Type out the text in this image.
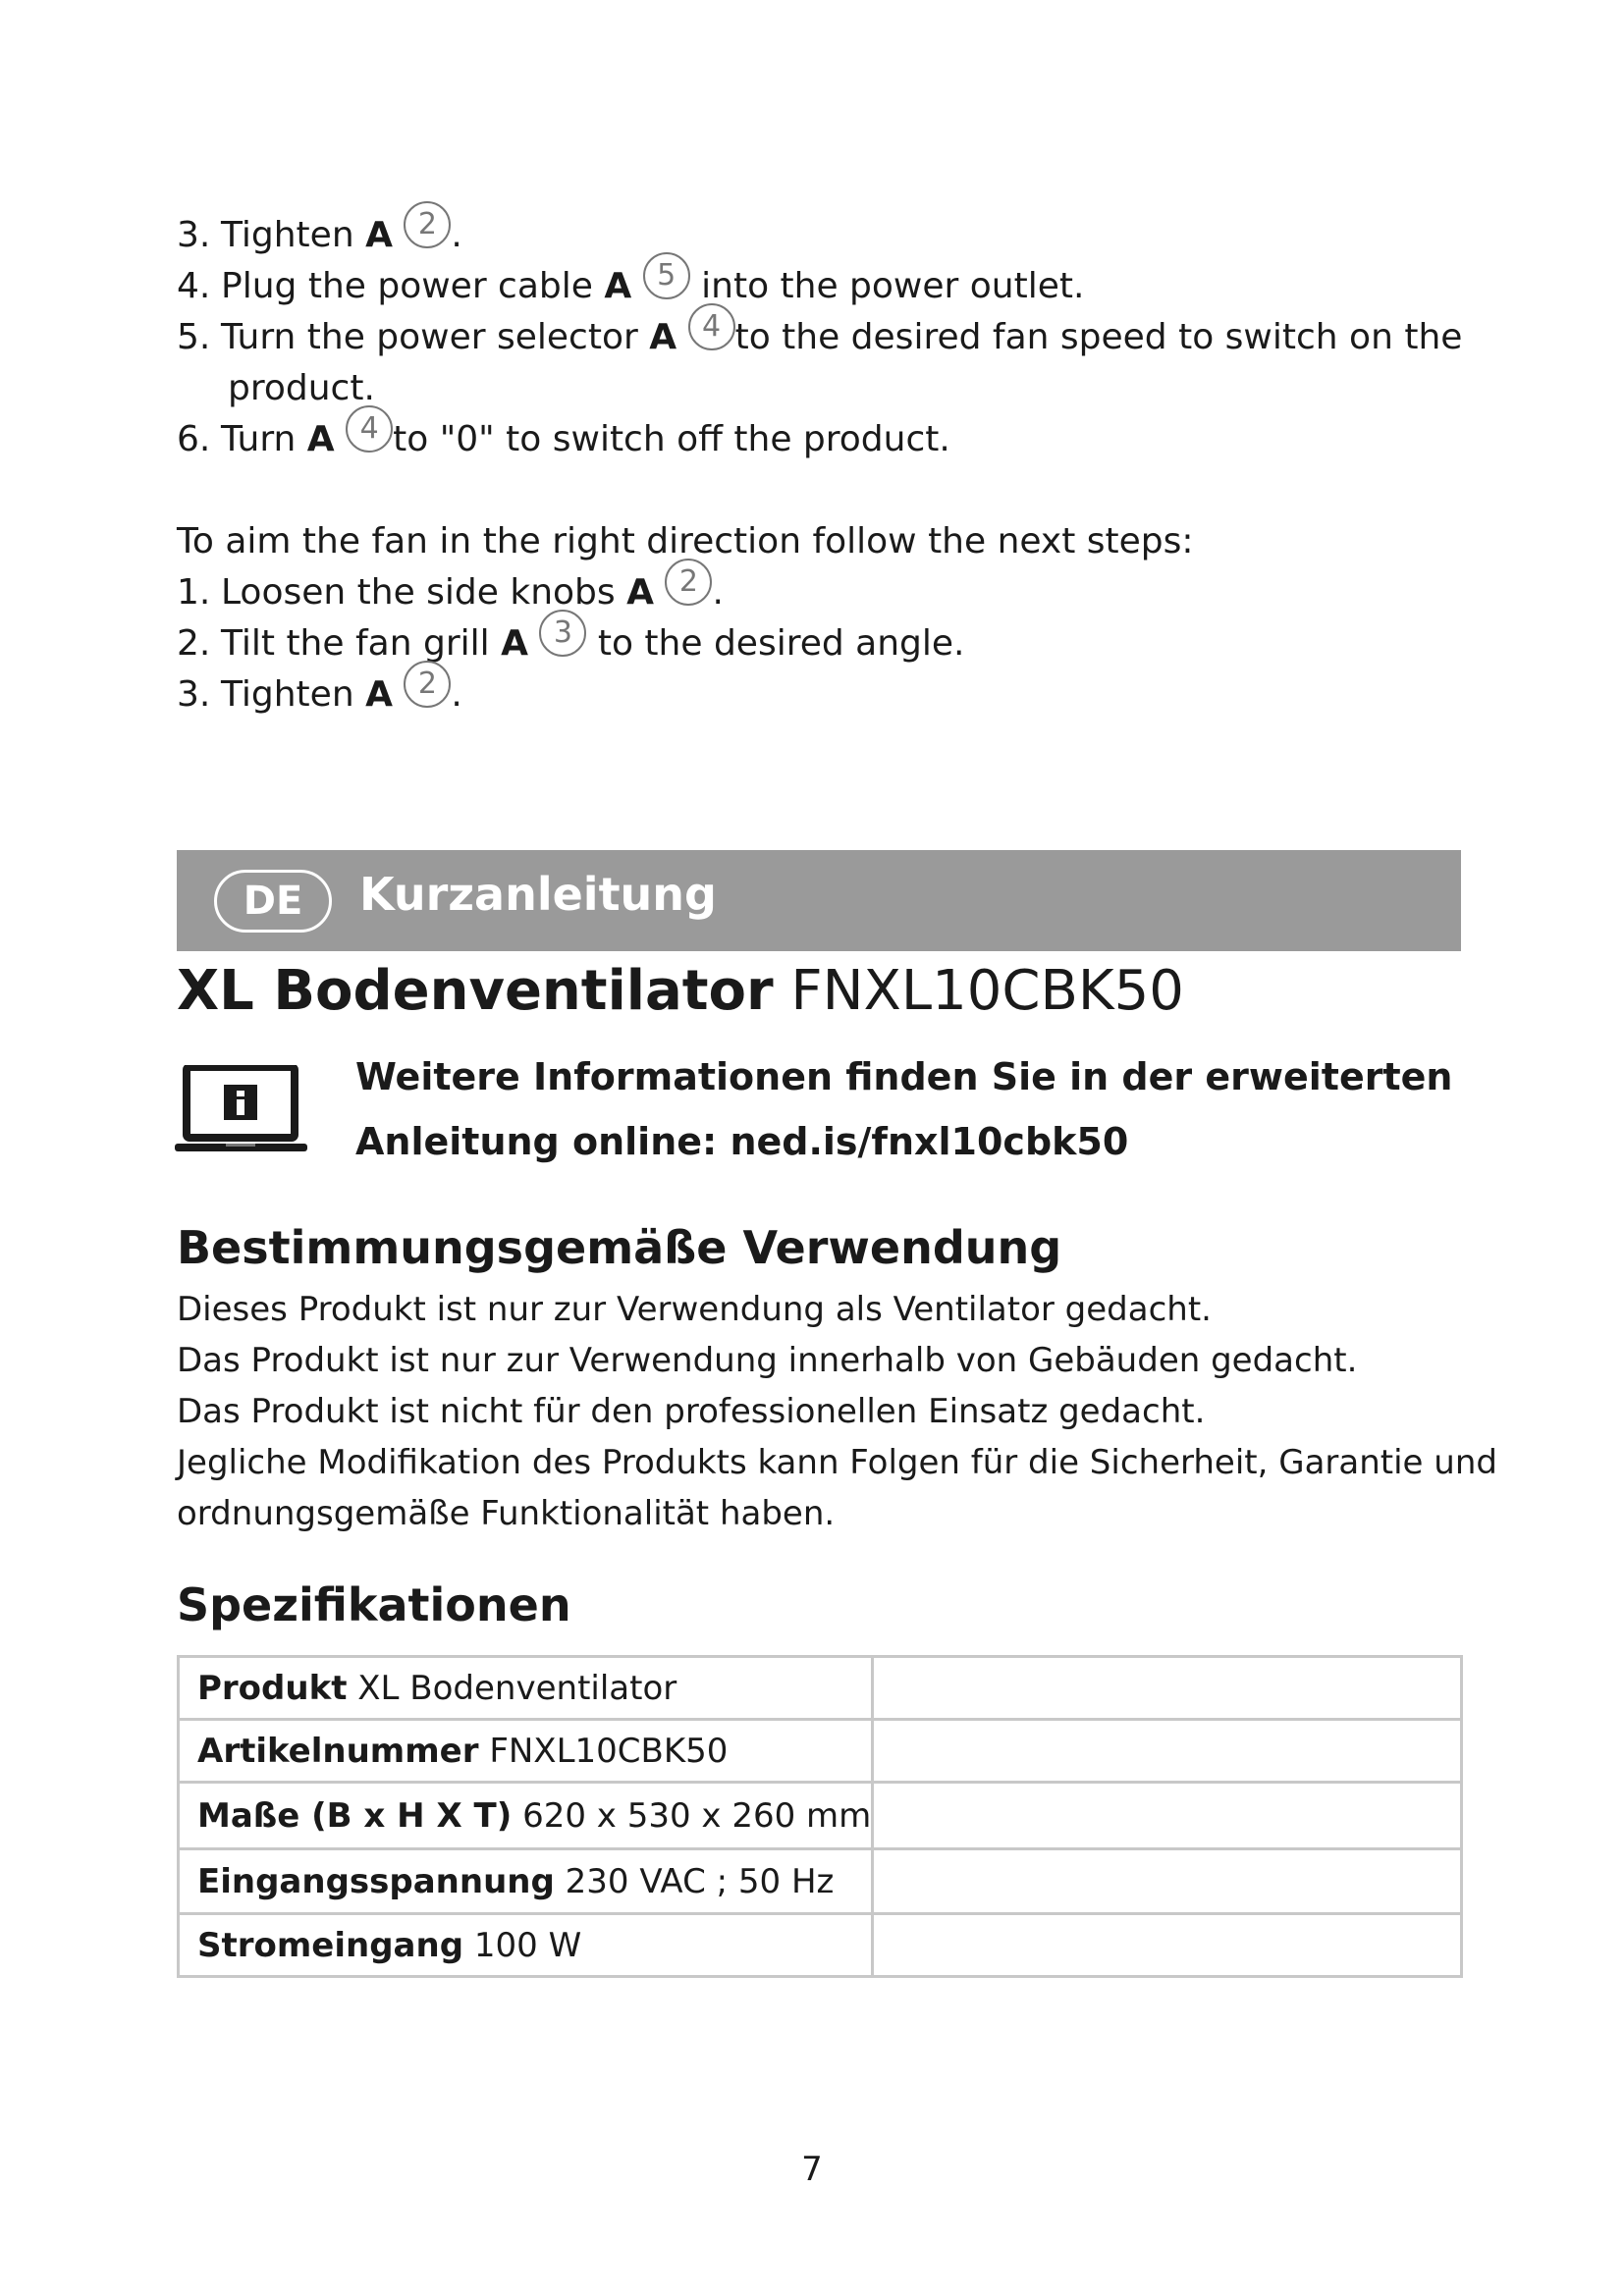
3. Tighten A 2 .
4. Plug the power cable A 5 into the power outlet.
5. Turn the power selector A 4 to the desired fan speed to switch on the
product.
6. Turn A 4 to "0" to switch off the product.
To aim the fan in the right direction follow the next steps:
1. Loosen the side knobs A 2 .
2. Tilt the fan grill A 3 to the desired angle.
3. Tighten A 2 .
DE	Kurzanleitung
XL Bodenventilator FNXL10CBK50
Weitere Informationen finden Sie in der erweiterten
Anleitung online: ned.is/fnxl10cbk50
Bestimmungsgemäße Verwendung
Dieses Produkt ist nur zur Verwendung als Ventilator gedacht.
Das Produkt ist nur zur Verwendung innerhalb von Gebäuden gedacht.
Das Produkt ist nicht für den professionellen Einsatz gedacht.
Jegliche Modifikation des Produkts kann Folgen für die Sicherheit, Garantie und
ordnungsgemäße Funktionalität haben.
Spezifikationen
Produkt XL Bodenventilator	
Artikelnummer FNXL10CBK50	
Maße (B x H X T) 620 x 530 x 260 mm	
Eingangsspannung 230 VAC ; 50 Hz	
Stromeingang 100 W	
7
